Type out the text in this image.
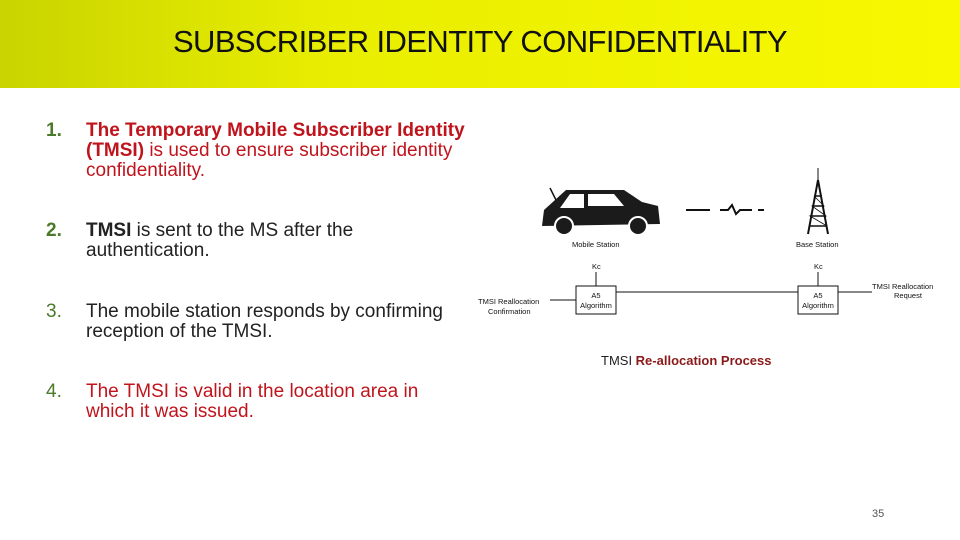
SUBSCRIBER IDENTITY CONFIDENTIALITY
1.	The Temporary Mobile Subscriber Identity (TMSI) is used to ensure subscriber identity confidentiality.
2.	TMSI is sent to the MS after the authentication.
3.	The mobile station responds by confirming reception of the TMSI.
4.	The TMSI is valid in the location area in which it was issued.
Mobile Station	Base Station
Kc	Kc
A5
Algorithm
A5
Algorithm
TMSI Reallocation
Confirmation
TMSI Reallocation
Request
TMSI Re-allocation Process
35
